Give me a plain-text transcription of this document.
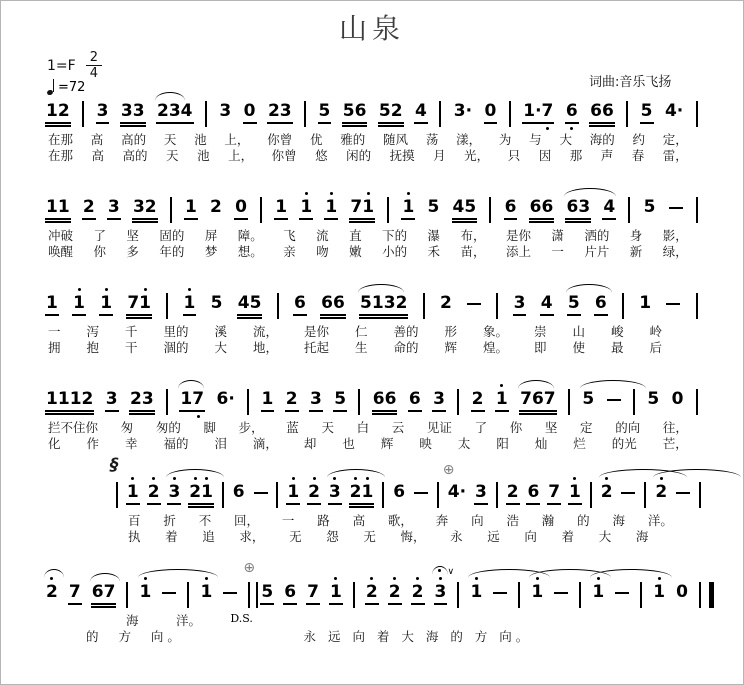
山泉
$1=F \frac{2}{4}$
=72	词曲:音乐飞扬
12 3 33 234 3 0 23 5 56 52 4 3· 0 1·7 6 66 5 4·
在那 高 高的 天 池 上， 你曾 优 雅的 随风 荡 漾， 为 与 大 海的 约 定，
在那 高 高的 天 池 上， 你曾 悠 闲的 抚摸 月 光， 只 因 那 声 春 雷，
11 2 3 32 1 2 0 1 1 1 71 1 5 45 6 66 63 4 5
冲破 了 坚 固的 屏 障。 飞 流 直 下的 瀑 布， 是你 潇 洒的 身 影，
唤醒 你 多 年的 梦 想。 亲 吻 嫩 小的 禾 苗， 添上 一 片片 新 绿，
1 1 1 71 1 5 45 6 66 5132 2	3 4 5 6 1
一 泻 千 里的 溪 流， 是你 仁 善的 形 象。 崇 山 峻 岭
拥 抱 干 涸的 大 地， 托起 生 命的 辉 煌。 即 使 最 后
1112 3 23 17 6· 1 2 3 5 66 6 3 2 1 767 5	5 0
拦不住你 匆 匆的 脚 步， 蓝 天 白 云 见证 了 你 坚 定 的向 往，
化 作 幸 福的 泪 滴， 却 也 辉 映 太 阳 灿 烂 的光 芒，
§
1 2 3 21 6	1 2 3 21 6	4·
⊕
3 2 6 7 1 2	2
百 折 不 回， 一 路 高 歌， 奔 向 浩 瀚 的 海 洋。
执 着 追 求， 无 怨 无 悔， 永 远 向 着 大 海
2 7 67 1	1
⊕
D.S.
5 6 7 1 2 2 2 3
∨
1	1	1	1 0
海	洋。
的  方  向。               永 远 向 着 大 海 的 方 向。
